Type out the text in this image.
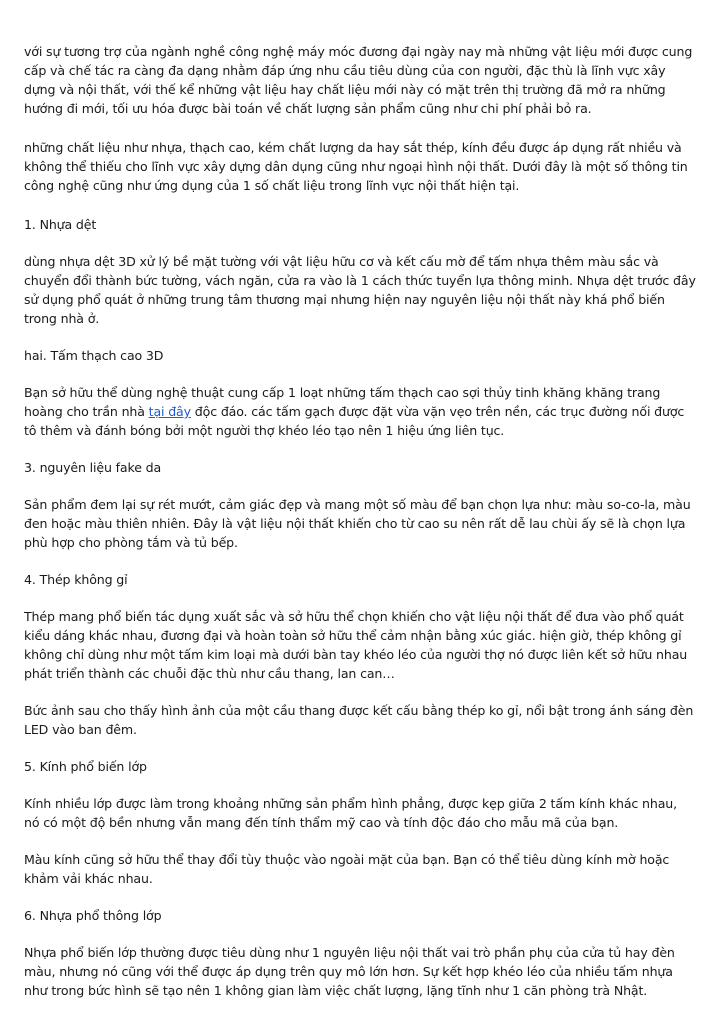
với sự tương trợ của ngành nghề công nghệ máy móc đương đại ngày nay mà những vật liệu mới được cung cấp và chế tác ra càng đa dạng nhằm đáp ứng nhu cầu tiêu dùng của con người, đặc thù là lĩnh vực xây dựng và nội thất, với thế kể những vật liệu hay chất liệu mới này có mặt trên thị trường đã mở ra những hướng đi mới, tối ưu hóa được bài toán về chất lượng sản phẩm cũng như chi phí phải bỏ ra.

những chất liệu như nhựa, thạch cao, kém chất lượng da hay sắt thép, kính đều được áp dụng rất nhiều và không thể thiếu cho lĩnh vực xây dựng dân dụng cũng như ngoại hình nội thất. Dưới đây là một số thông tin công nghệ cũng như ứng dụng của 1 số chất liệu trong lĩnh vực nội thất hiện tại.

1. Nhựa dệt

dùng nhựa dệt 3D xử lý bề mặt tường với vật liệu hữu cơ và kết cấu mờ để tấm nhựa thêm màu sắc và chuyển đổi thành bức tường, vách ngăn, cửa ra vào là 1 cách thức tuyển lựa thông minh. Nhựa dệt trước đây sử dụng phổ quát ở những trung tâm thương mại nhưng hiện nay nguyên liệu nội thất này khá phổ biến trong nhà ở.

hai. Tấm thạch cao 3D

Bạn sở hữu thể dùng nghệ thuật cung cấp 1 loạt những tấm thạch cao sợi thủy tinh khăng khăng trang hoàng cho trần nhà tại đây độc đáo. các tấm gạch được đặt vừa vặn vẹo trên nền, các trục đường nối được tô thêm và đánh bóng bởi một người thợ khéo léo tạo nên 1 hiệu ứng liên tục.

3. nguyên liệu fake da

Sản phẩm đem lại sự rét mướt, cảm giác đẹp và mang một số màu để bạn chọn lựa như: màu so-co-la, màu đen hoặc màu thiên nhiên. Đây là vật liệu nội thất khiến cho từ cao su nên rất dễ lau chùi ấy sẽ là chọn lựa phù hợp cho phòng tắm và tủ bếp.

4. Thép không gỉ

Thép mang phổ biến tác dụng xuất sắc và sở hữu thể chọn khiến cho vật liệu nội thất để đưa vào phổ quát kiểu dáng khác nhau, đương đại và hoàn toàn sở hữu thể cảm nhận bằng xúc giác. hiện giờ, thép không gỉ không chỉ dùng như một tấm kim loại mà dưới bàn tay khéo léo của người thợ nó được liên kết sở hữu nhau phát triển thành các chuỗi đặc thù như cầu thang, lan can…

Bức ảnh sau cho thấy hình ảnh của một cầu thang được kết cấu bằng thép ko gỉ, nổi bật trong ánh sáng đèn LED vào ban đêm.

5. Kính phổ biến lớp

Kính nhiều lớp được làm trong khoảng những sản phẩm hình phẳng, được kẹp giữa 2 tấm kính khác nhau, nó có một độ bền nhưng vẫn mang đến tính thẩm mỹ cao và tính độc đáo cho mẫu mã của bạn.

Màu kính cũng sở hữu thể thay đổi tùy thuộc vào ngoài mặt của bạn. Bạn có thể tiêu dùng kính mờ hoặc khảm vải khác nhau.

6. Nhựa phổ thông lớp

Nhựa phổ biến lớp thường được tiêu dùng như 1 nguyên liệu nội thất vai trò phần phụ của cửa tủ hay đèn màu, nhưng nó cũng với thể được áp dụng trên quy mô lớn hơn. Sự kết hợp khéo léo của nhiều tấm nhựa như trong bức hình sẽ tạo nên 1 không gian làm việc chất lượng, lặng tĩnh như 1 căn phòng trà Nhật.
